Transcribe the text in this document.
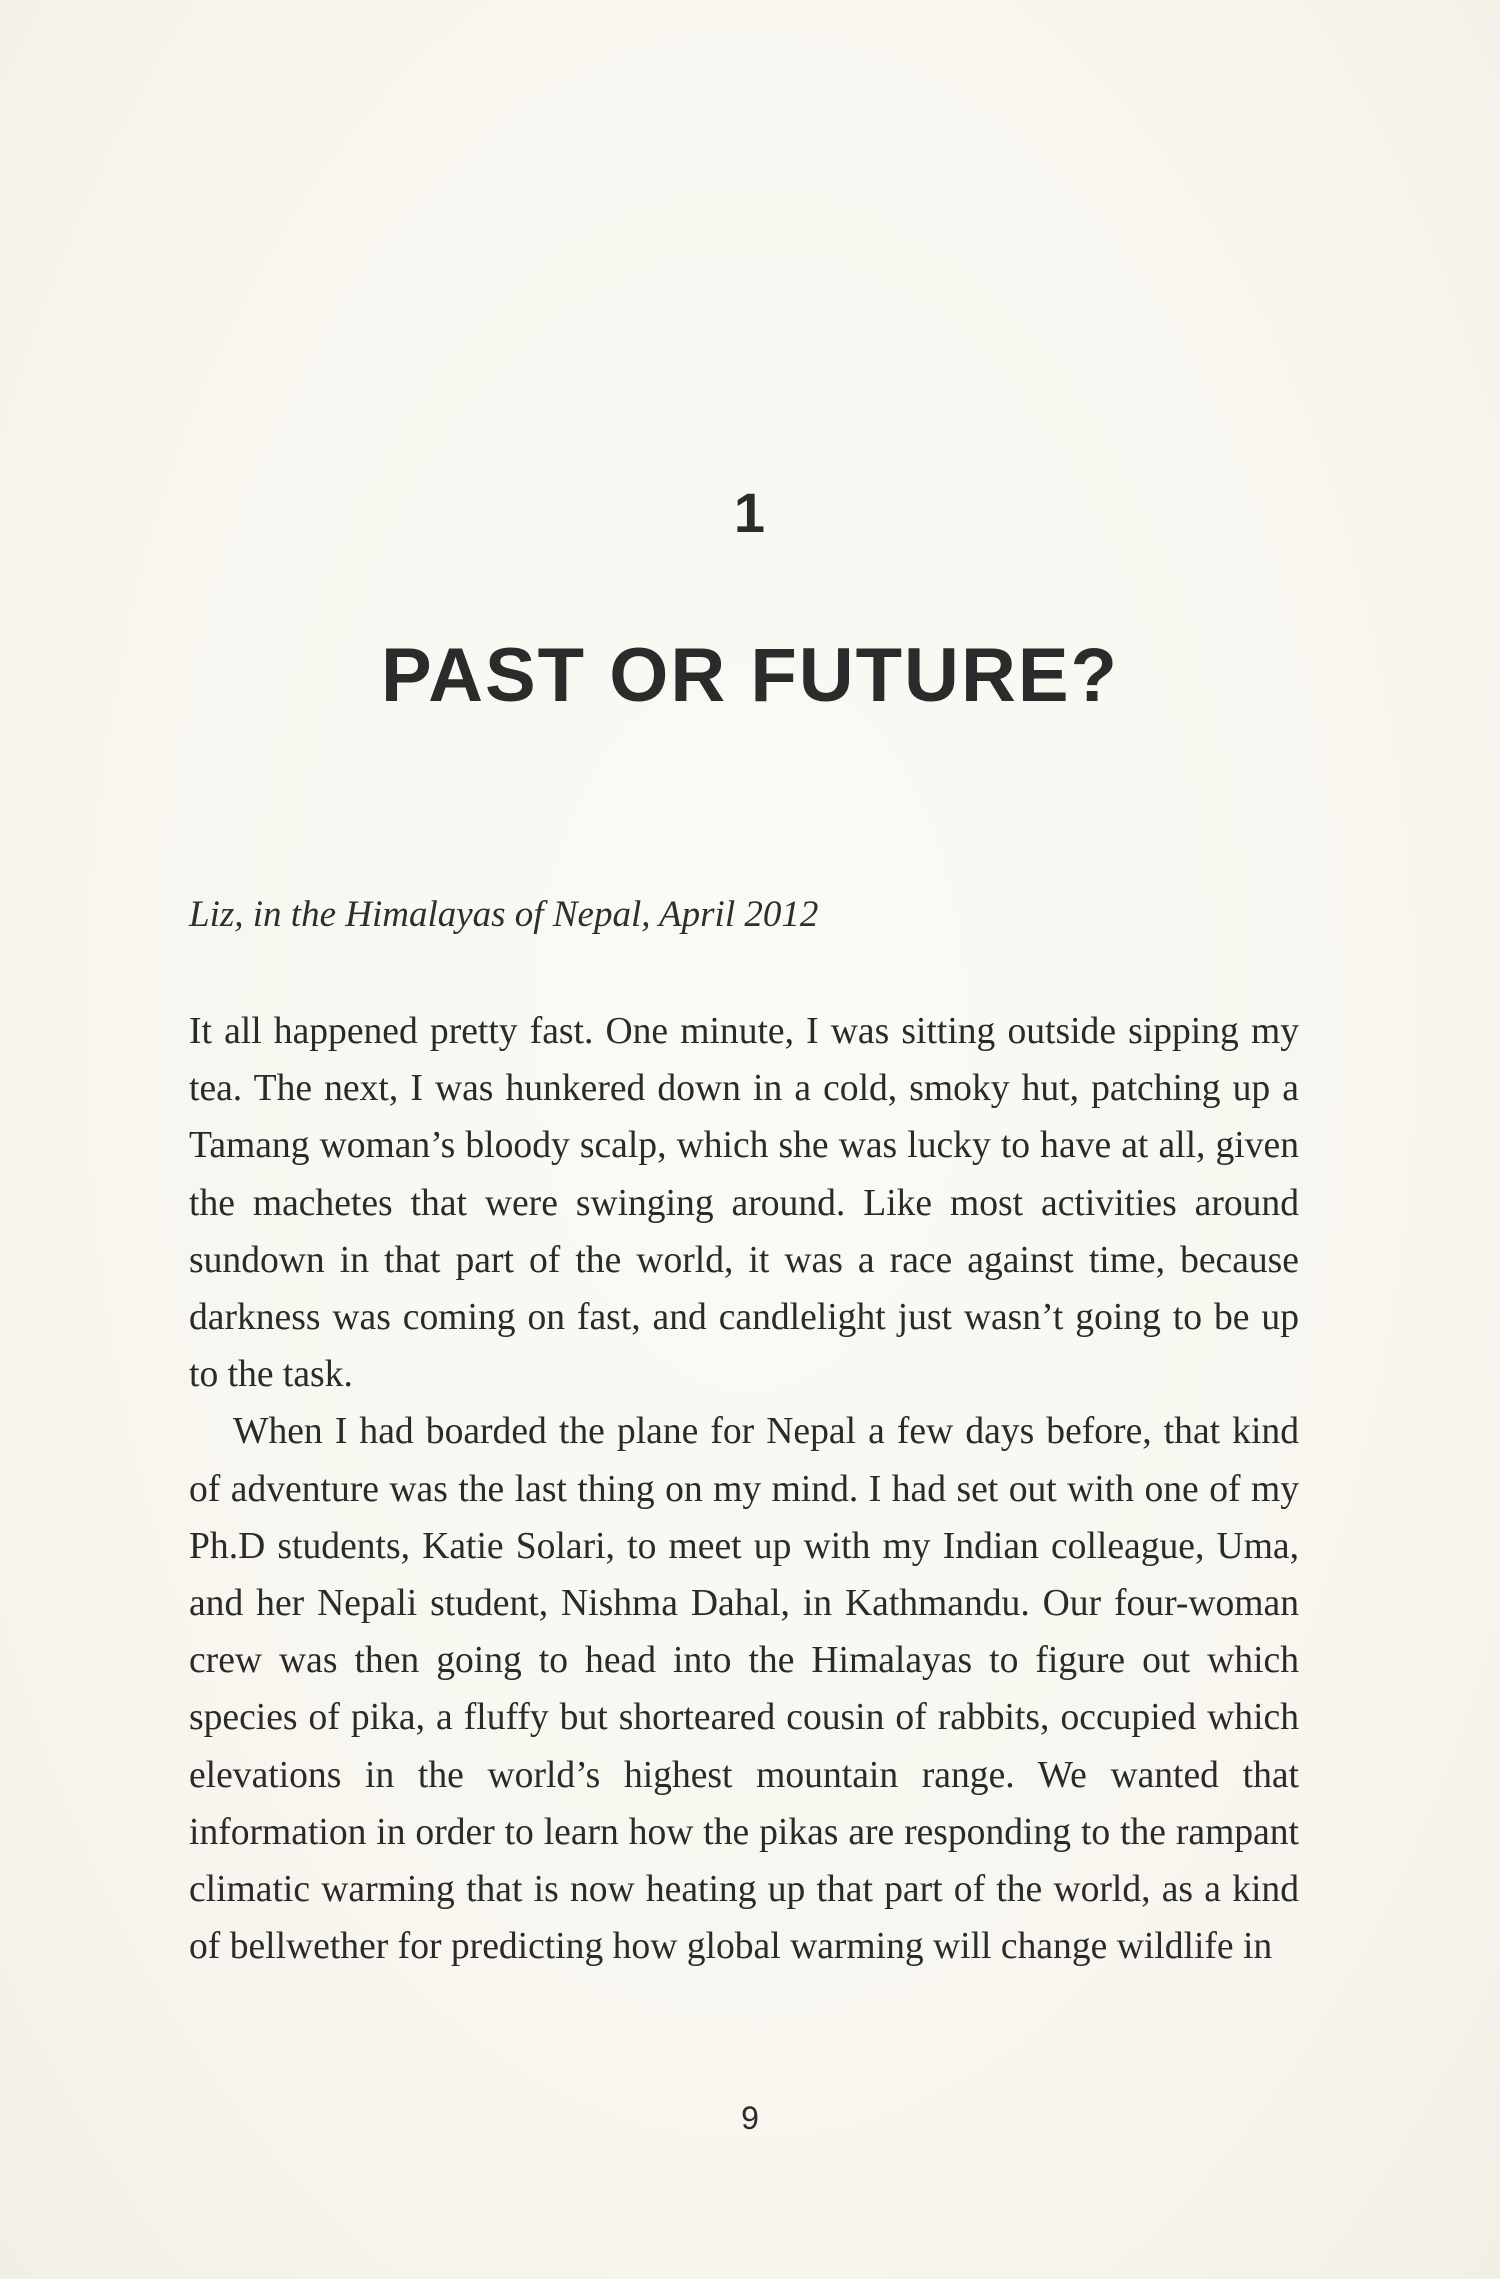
1
PAST OR FUTURE?
Liz, in the Himalayas of Nepal, April 2012

It all happened pretty fast. One minute, I was sitting outside sipping my tea. The next, I was hunkered down in a cold, smoky hut, patching up a Tamang woman’s bloody scalp, which she was lucky to have at all, given the machetes that were swinging around. Like most activities around sundown in that part of the world, it was a race against time, because darkness was coming on fast, and candlelight just wasn’t going to be up to the task.

When I had boarded the plane for Nepal a few days before, that kind of adventure was the last thing on my mind. I had set out with one of my Ph.D students, Katie Solari, to meet up with my Indian colleague, Uma, and her Nepali student, Nishma Dahal, in Kathmandu. Our four-woman crew was then going to head into the Himalayas to figure out which species of pika, a fluffy but shorteared cousin of rabbits, occupied which elevations in the world’s highest mountain range. We wanted that information in order to learn how the pikas are responding to the rampant climatic warming that is now heating up that part of the world, as a kind of bellwether for predicting how global warming will change wildlife in

9
